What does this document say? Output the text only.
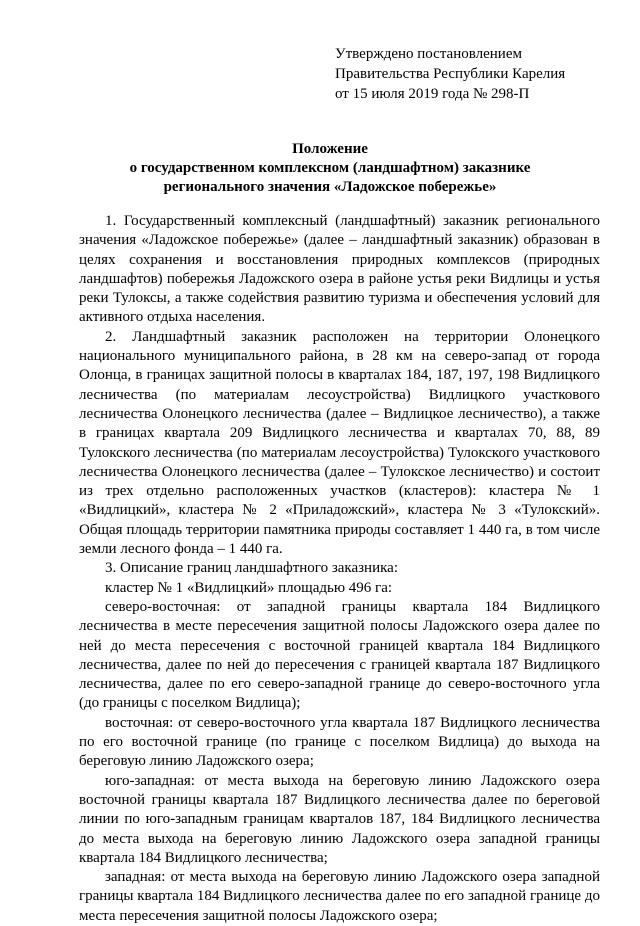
Утверждено постановлением
Правительства Республики Карелия
от 15 июля 2019 года № 298-П
Положение
о государственном комплексном (ландшафтном) заказнике
регионального значения «Ладожское побережье»

1. Государственный комплексный (ландшафтный) заказник регионального значения «Ладожское побережье» (далее – ландшафтный заказник) образован в целях сохранения и восстановления природных комплексов (природных ландшафтов) побережья Ладожского озера в районе устья реки Видлицы и устья реки Тулоксы, а также содействия развитию туризма и обеспечения условий для активного отдыха населения.

2. Ландшафтный заказник расположен на территории Олонецкого национального муниципального района, в 28 км на северо-запад от города Олонца, в границах защитной полосы в кварталах 184, 187, 197, 198 Видлицкого лесничества (по материалам лесоустройства) Видлицкого участкового лесничества Олонецкого лесничества (далее – Видлицкое лесничество), а также в границах квартала 209 Видлицкого лесничества и кварталах 70, 88, 89 Тулокского лесничества (по материалам лесоустройства) Тулокского участкового лесничества Олонецкого лесничества (далее – Тулокское лесничество) и состоит из трех отдельно расположенных участков (кластеров): кластера № 1 «Видлицкий», кластера № 2 «Приладожский», кластера № 3 «Тулокский». Общая площадь территории памятника природы составляет 1 440 га, в том числе земли лесного фонда – 1 440 га.

3. Описание границ ландшафтного заказника:

кластер № 1 «Видлицкий» площадью 496 га:

северо-восточная: от западной границы квартала 184 Видлицкого лесничества в месте пересечения защитной полосы Ладожского озера далее по ней до места пересечения с восточной границей квартала 184 Видлицкого лесничества, далее по ней до пересечения с границей квартала 187 Видлицкого лесничества, далее по его северо-западной границе до северо-восточного угла (до границы с поселком Видлица);

восточная: от северо-восточного угла квартала 187 Видлицкого лесничества по его восточной границе (по границе с поселком Видлица) до выхода на береговую линию Ладожского озера;

юго-западная: от места выхода на береговую линию Ладожского озера восточной границы квартала 187 Видлицкого лесничества далее по береговой линии по юго-западным границам кварталов 187, 184 Видлицкого лесничества до места выхода на береговую линию Ладожского озера западной границы квартала 184 Видлицкого лесничества;

западная: от места выхода на береговую линию Ладожского озера западной границы квартала 184 Видлицкого лесничества далее по его западной границе до места пересечения защитной полосы Ладожского озера;
